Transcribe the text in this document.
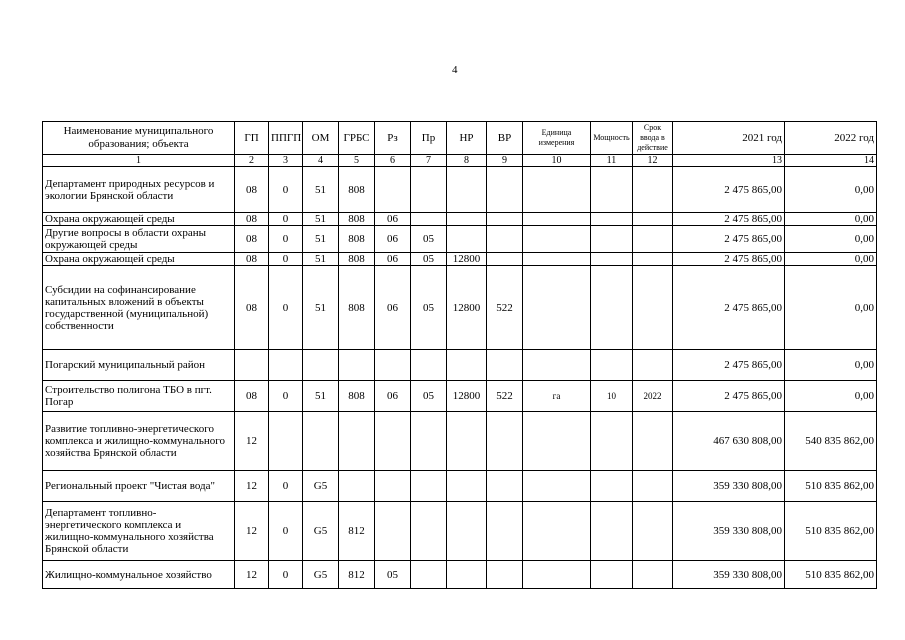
4
Наименование муниципального образования; объекта	ГП	ППГП	ОМ	ГРБС	Рз	Пр	НР	ВР	Единица измерения	Мощность	Срок ввода в действие	2021 год	2022 год
1	2	3	4	5	6	7	8	9	10	11	12	13	14
Департамент природных ресурсов и экологии Брянской области	08	0	51	808								2 475 865,00	0,00
Охрана окружающей среды	08	0	51	808	06							2 475 865,00	0,00
Другие вопросы в области охраны окружающей среды	08	0	51	808	06	05						2 475 865,00	0,00
Охрана окружающей среды	08	0	51	808	06	05	12800					2 475 865,00	0,00
Субсидии на софинансирование капитальных вложений в объекты государственной (муниципальной) собственности	08	0	51	808	06	05	12800	522				2 475 865,00	0,00
Погарский муниципальный район												2 475 865,00	0,00
Строительство полигона ТБО в пгт. Погар	08	0	51	808	06	05	12800	522	га	10	2022	2 475 865,00	0,00
Развитие топливно-энергетического комплекса и жилищно-коммунального хозяйства Брянской области	12											467 630 808,00	540 835 862,00
Региональный проект "Чистая вода"	12	0	G5									359 330 808,00	510 835 862,00
Департамент топливно-энергетического комплекса и жилищно-коммунального хозяйства Брянской области	12	0	G5	812								359 330 808,00	510 835 862,00
Жилищно-коммунальное хозяйство	12	0	G5	812	05							359 330 808,00	510 835 862,00
